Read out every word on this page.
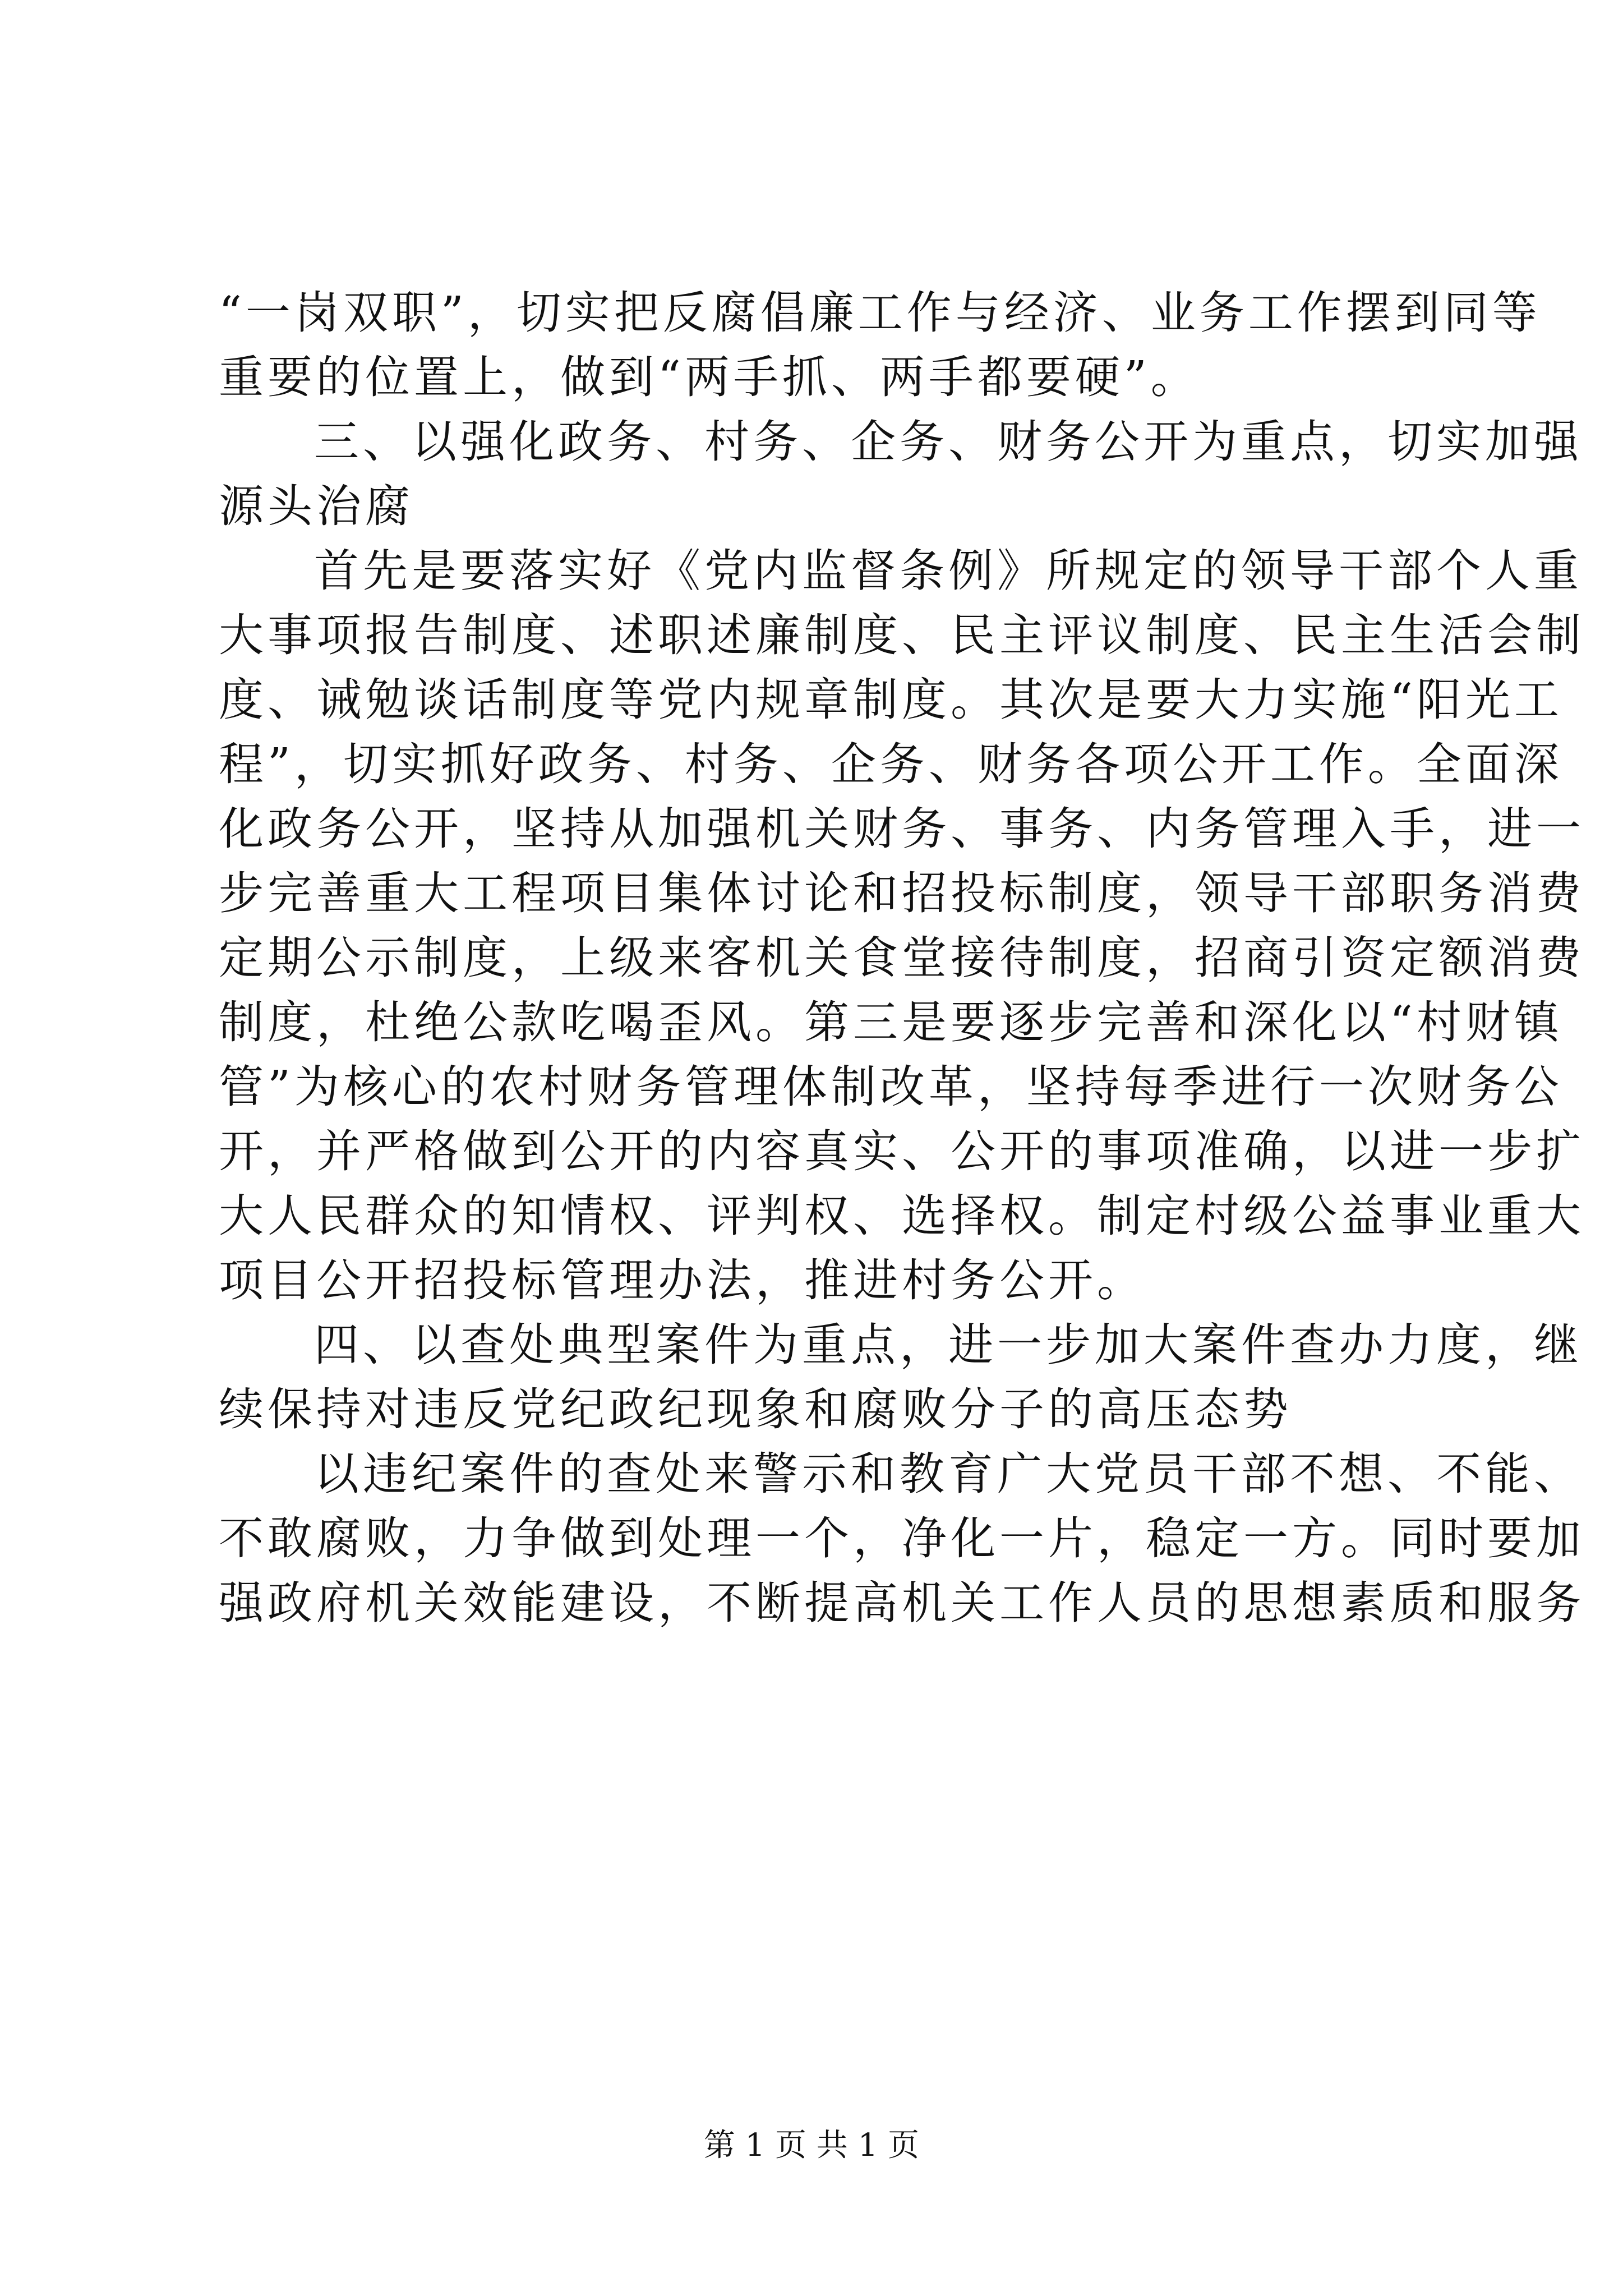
“一岗双职”，切实把反腐倡廉工作与经济、业务工作摆到同等
重要的位置上，做到“两手抓、两手都要硬”。
三、以强化政务、村务、企务、财务公开为重点，切实加强
源头治腐
首先是要落实好《党内监督条例》所规定的领导干部个人重
大事项报告制度、述职述廉制度、民主评议制度、民主生活会制
度、诫勉谈话制度等党内规章制度。其次是要大力实施“阳光工
程”，切实抓好政务、村务、企务、财务各项公开工作。全面深
化政务公开，坚持从加强机关财务、事务、内务管理入手，进一
步完善重大工程项目集体讨论和招投标制度，领导干部职务消费
定期公示制度，上级来客机关食堂接待制度，招商引资定额消费
制度，杜绝公款吃喝歪风。第三是要逐步完善和深化以“村财镇
管”为核心的农村财务管理体制改革，坚持每季进行一次财务公
开，并严格做到公开的内容真实、公开的事项准确，以进一步扩
大人民群众的知情权、评判权、选择权。制定村级公益事业重大
项目公开招投标管理办法，推进村务公开。
四、以查处典型案件为重点，进一步加大案件查办力度，继
续保持对违反党纪政纪现象和腐败分子的高压态势
以违纪案件的查处来警示和教育广大党员干部不想、不能、
不敢腐败，力争做到处理一个，净化一片，稳定一方。同时要加
强政府机关效能建设，不断提高机关工作人员的思想素质和服务
第 1 页 共 1 页
